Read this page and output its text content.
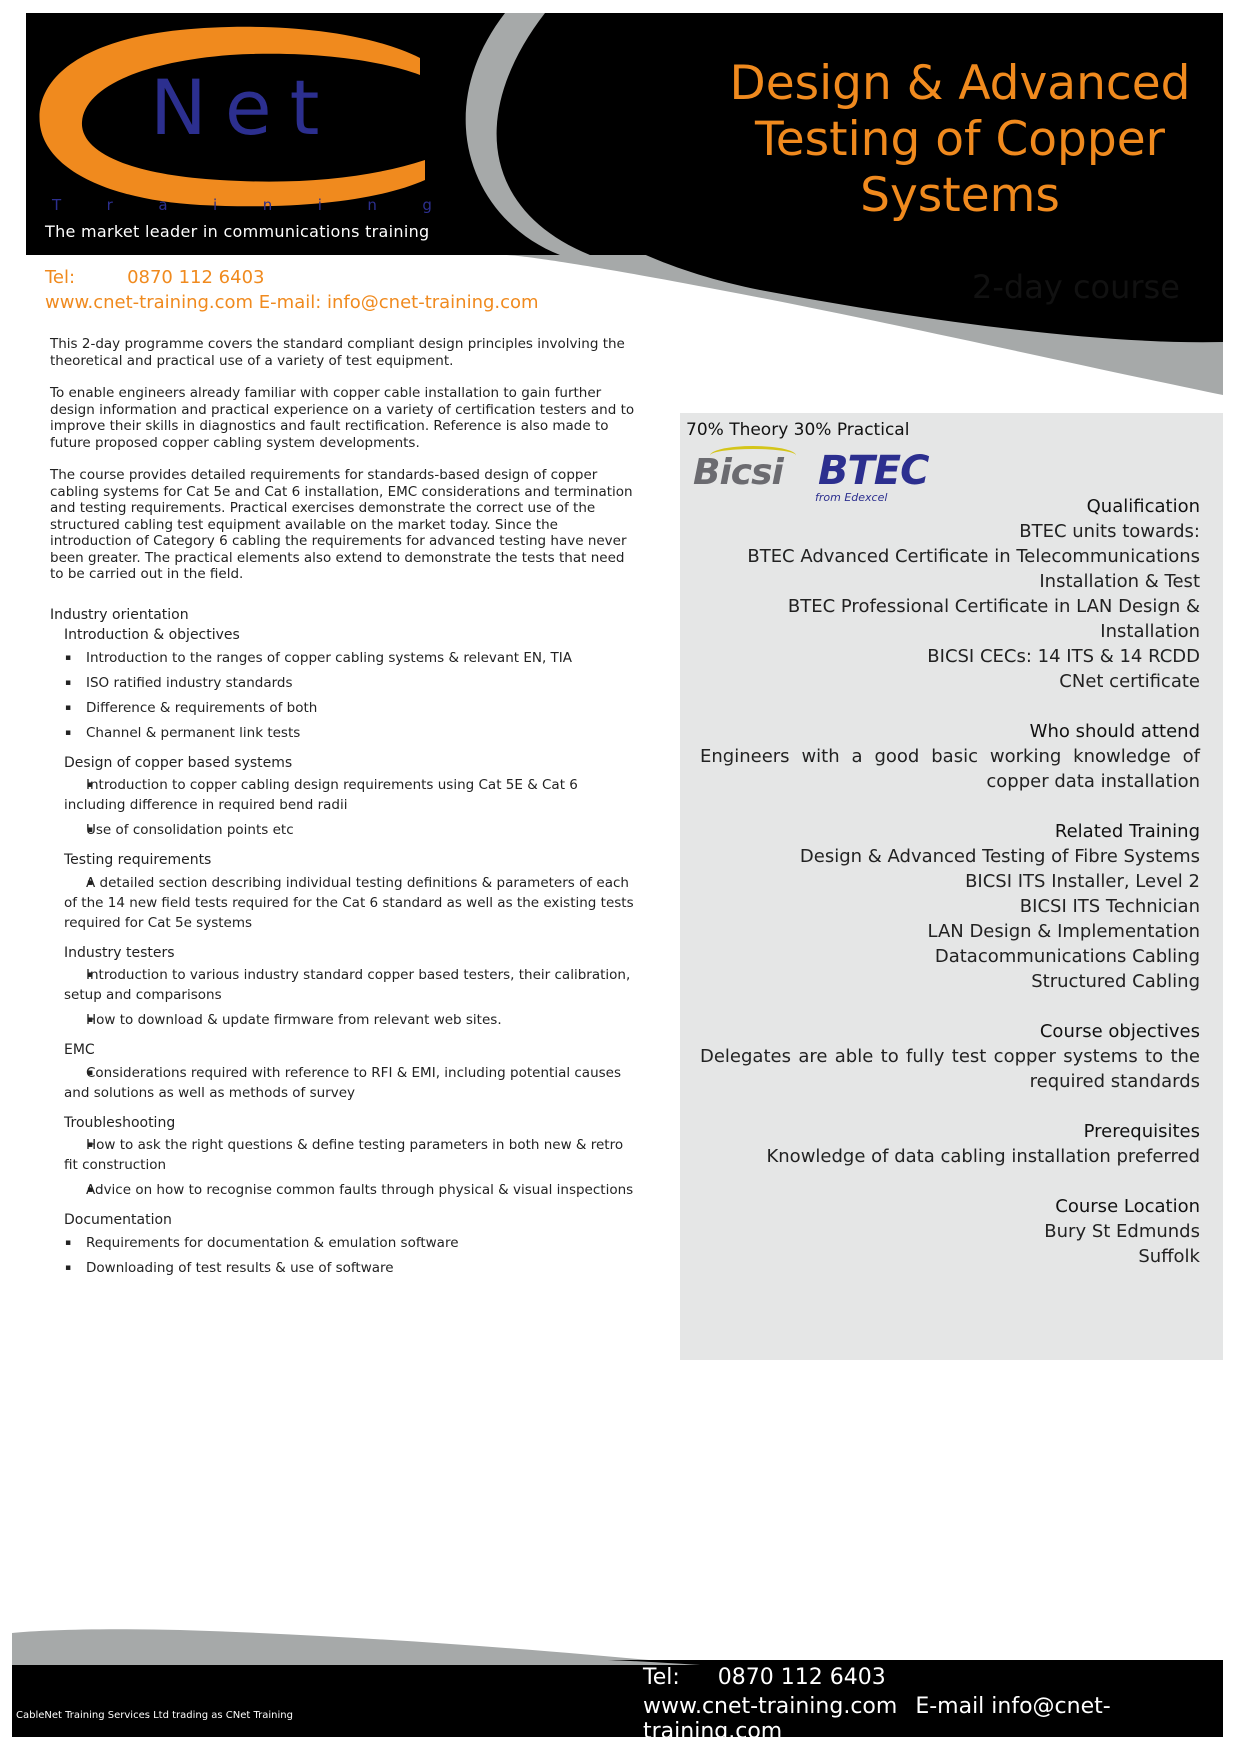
Net
T	r	a	i	n	i	n	g
The market leader in communications training
Design & Advanced
Testing of Copper
Systems
Tel:	0870 112 6403
www.cnet-training.com E-mail: info@cnet-training.com	2-day course

This 2-day programme covers the standard compliant design principles involving the theoretical and practical use of a variety of test equipment.

To enable engineers already familiar with copper cable installation to gain further design information and practical experience on a variety of certification testers and to improve their skills in diagnostics and fault rectification. Reference is also made to future proposed copper cabling system developments.

The course provides detailed requirements for standards-based design of copper cabling systems for Cat 5e and Cat 6 installation, EMC considerations and termination and testing requirements. Practical exercises demonstrate the correct use of the structured cabling test equipment available on the market today. Since the introduction of Category 6 cabling the requirements for advanced testing have never been greater. The practical elements also extend to demonstrate the tests that need to be carried out in the field.

Industry orientation
Introduction & objectives
▪ Introduction to the ranges of copper cabling systems & relevant EN, TIA
▪ ISO ratified industry standards
▪ Difference & requirements of both
▪ Channel & permanent link tests
Design of copper based systems
▪ Introduction to copper cabling design requirements using Cat 5E & Cat 6 including difference in required bend radii
▪ Use of consolidation points etc
Testing requirements
▪ A detailed section describing individual testing definitions & parameters of each of the 14 new field tests required for the Cat 6 standard as well as the existing tests required for Cat 5e systems
Industry testers
▪ Introduction to various industry standard copper based testers, their calibration, setup and comparisons
▪ How to download & update firmware from relevant web sites.
EMC
▪ Considerations required with reference to RFI & EMI, including potential causes and solutions as well as methods of survey
Troubleshooting
▪ How to ask the right questions & define testing parameters in both new & retro fit construction
▪ Advice on how to recognise common faults through physical & visual inspections
Documentation
▪ Requirements for documentation & emulation software
▪ Downloading of test results & use of software
70% Theory 30% Practical
Bicsi BTEC
from Edexcel	Qualification
BTEC units towards:
BTEC Advanced Certificate in Telecommunications
Installation & Test
BTEC Professional Certificate in LAN Design & Installation
BICSI CECs: 14 ITS & 14 RCDD
CNet certificate
Who should attend
Engineers with a good basic working knowledge of copper data installation
Related Training
Design & Advanced Testing of Fibre Systems
BICSI ITS Installer, Level 2
BICSI ITS Technician
LAN Design & Implementation
Datacommunications Cabling
Structured Cabling
Course objectives
Delegates are able to fully test copper systems to the required standards
Prerequisites
Knowledge of data cabling installation preferred
Course Location
Bury St Edmunds
Suffolk
Tel: 0870 112 6403
www.cnet-training.com E-mail info@cnet-training.com
CableNet Training Services Ltd trading as CNet Training
